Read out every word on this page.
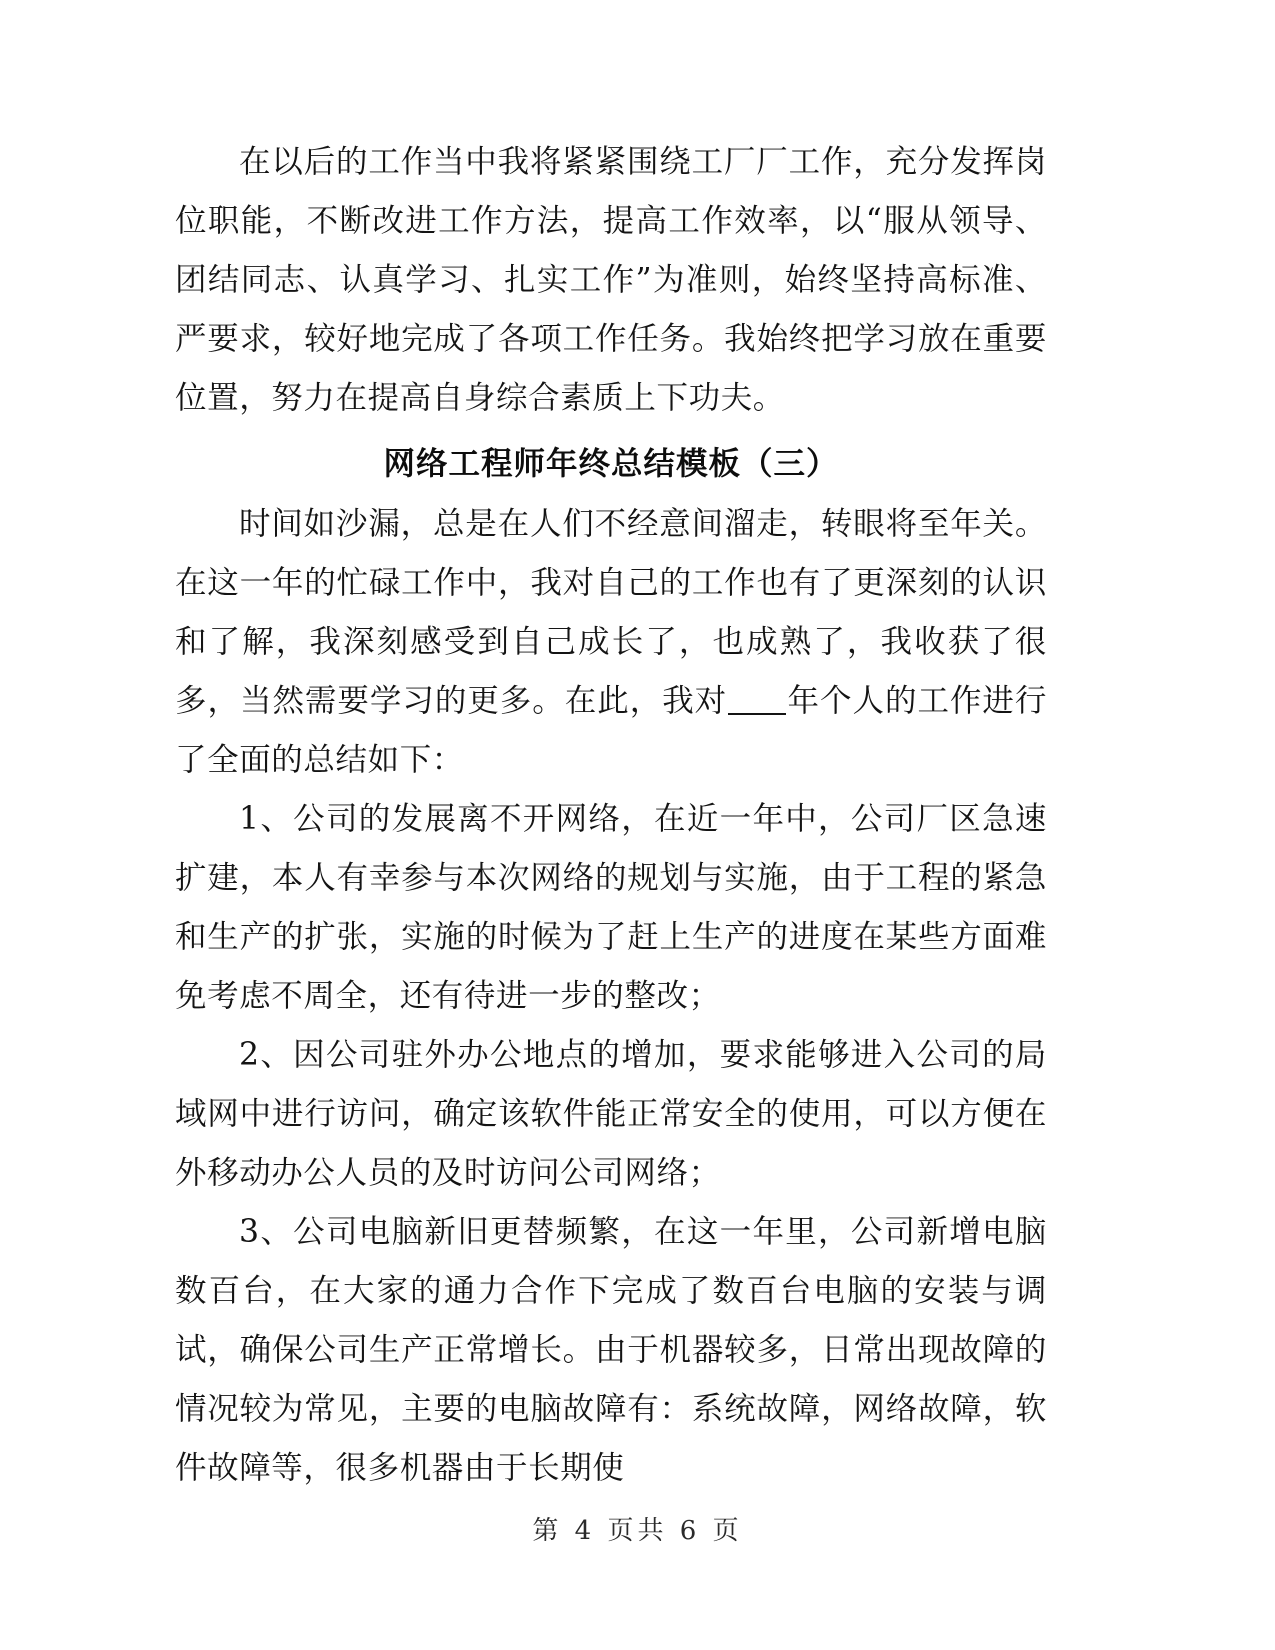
在以后的工作当中我将紧紧围绕工厂厂工作，充分发挥岗位职能，不断改进工作方法，提高工作效率，以“服从领导、团结同志、认真学习、扎实工作”为准则，始终坚持高标准、严要求，较好地完成了各项工作任务。我始终把学习放在重要位置，努力在提高自身综合素质上下功夫。

网络工程师年终总结模板（三）

时间如沙漏，总是在人们不经意间溜走，转眼将至年关。在这一年的忙碌工作中，我对自己的工作也有了更深刻的认识和了解，我深刻感受到自己成长了，也成熟了，我收获了很多，当然需要学习的更多。在此，我对 年个人的工作进行了全面的总结如下：

1、公司的发展离不开网络，在近一年中，公司厂区急速扩建，本人有幸参与本次网络的规划与实施，由于工程的紧急和生产的扩张，实施的时候为了赶上生产的进度在某些方面难免考虑不周全，还有待进一步的整改；

2、因公司驻外办公地点的增加，要求能够进入公司的局域网中进行访问，确定该软件能正常安全的使用，可以方便在外移动办公人员的及时访问公司网络；

3、公司电脑新旧更替频繁，在这一年里，公司新增电脑数百台，在大家的通力合作下完成了数百台电脑的安装与调试，确保公司生产正常增长。由于机器较多，日常出现故障的情况较为常见，主要的电脑故障有：系统故障，网络故障，软件故障等，很多机器由于长期使

第 4 页共 6 页
